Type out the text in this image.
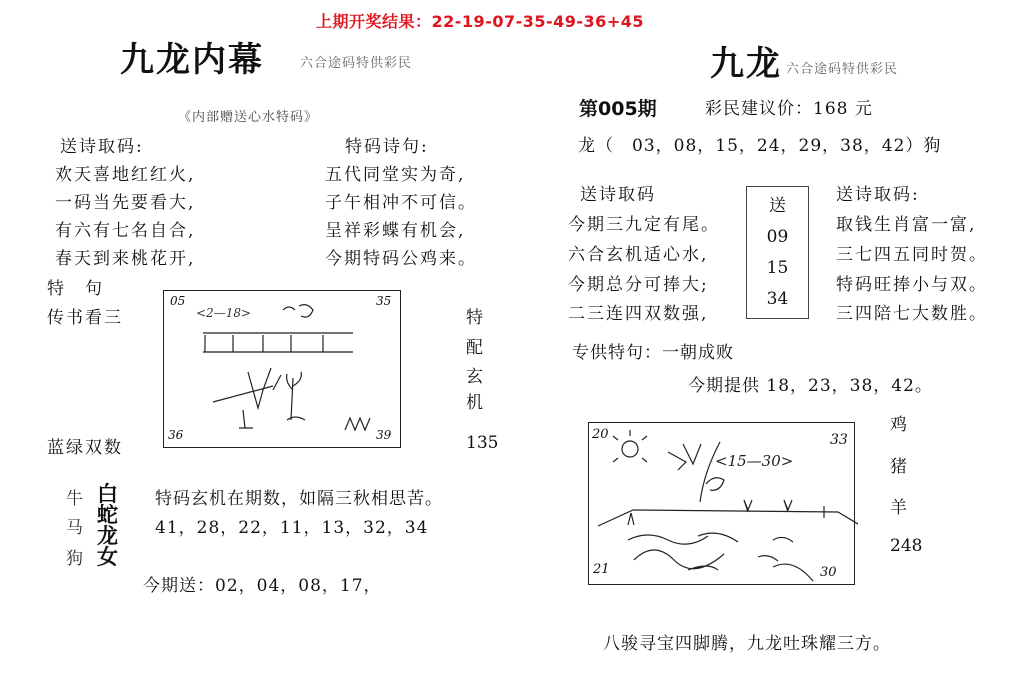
上期开奖结果：22-19-07-35-49-36+45
九龙内幕	六合途码特供彩民
《内部赠送心水特码》
送诗取码:
欢天喜地红红火,
一码当先要看大,
有六有七名自合,
春天到来桃花开,
特码诗句:
五代同堂实为奇,
子午相冲不可信。
呈祥彩蝶有机会,
今期特码公鸡来。
特　句
传书看三
蓝绿双数
05	35
36	39
<2—18>	特
配
玄
机
135
牛
马
狗
白
蛇
龙
女
特码玄机在期数，如隔三秋相思苦。
41，28，22，11，13，32，34
今期送：02，04，08，17，
九龙 六合途码特供彩民
第005期	彩民建议价：168 元
龙（　03，08，15，24，29，38，42）狗
送诗取码
今期三九定有尾。
六合玄机适心水,
今期总分可捧大;
二三连四双数强,
送
09
15
34
送诗取码:
取钱生肖富一富,
三七四五同时贺。
特码旺捧小与双。
三四陪七大数胜。
专供特句：一朝成败
今期提供 18，23，38，42。
20	33
21	30
<15—30>
鸡
猪
羊
248
八骏寻宝四脚腾，九龙吐珠耀三方。
